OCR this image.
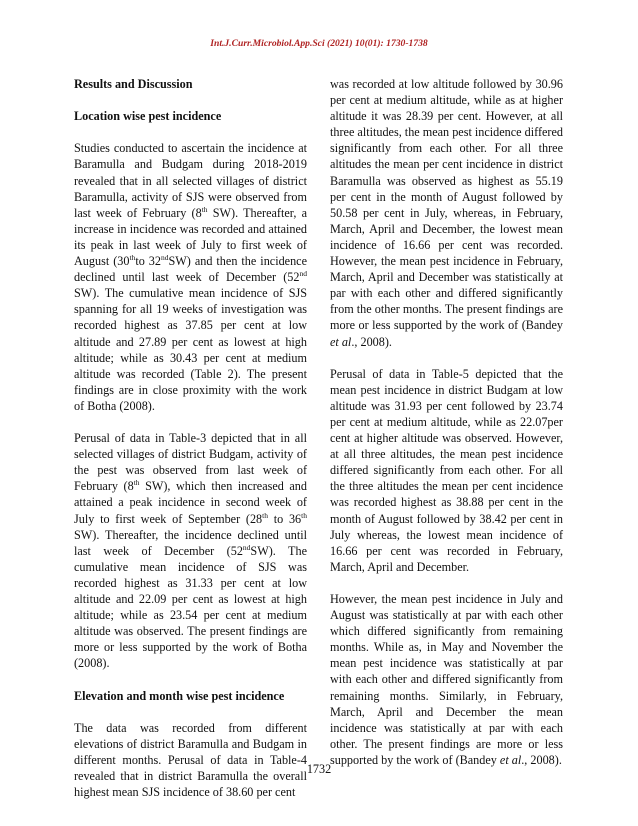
Int.J.Curr.Microbiol.App.Sci (2021) 10(01): 1730-1738
Results and Discussion
Location wise pest incidence

Studies conducted to ascertain the incidence at Baramulla and Budgam during 2018-2019 revealed that in all selected villages of district Baramulla, activity of SJS were observed from last week of February (8th SW). Thereafter, a increase in incidence was recorded and attained its peak in last week of July to first week of August (30thto 32ndSW) and then the incidence declined until last week of December (52nd SW). The cumulative mean incidence of SJS spanning for all 19 weeks of investigation was recorded highest as 37.85 per cent at low altitude and 27.89 per cent as lowest at high altitude; while as 30.43 per cent at medium altitude was recorded (Table 2). The present findings are in close proximity with the work of Botha (2008).

Perusal of data in Table-3 depicted that in all selected villages of district Budgam, activity of the pest was observed from last week of February (8th SW), which then increased and attained a peak incidence in second week of July to first week of September (28th to 36th SW). Thereafter, the incidence declined until last week of December (52ndSW). The cumulative mean incidence of SJS was recorded highest as 31.33 per cent at low altitude and 22.09 per cent as lowest at high altitude; while as 23.54 per cent at medium altitude was observed. The present findings are more or less supported by the work of Botha (2008).

Elevation and month wise pest incidence

The data was recorded from different elevations of district Baramulla and Budgam in different months. Perusal of data in Table-4 revealed that in district Baramulla the overall highest mean SJS incidence of 38.60 per cent

was recorded at low altitude followed by 30.96 per cent at medium altitude, while as at higher altitude it was 28.39 per cent. However, at all three altitudes, the mean pest incidence differed significantly from each other. For all three altitudes the mean per cent incidence in district Baramulla was observed as highest as 55.19 per cent in the month of August followed by 50.58 per cent in July, whereas, in February, March, April and December, the lowest mean incidence of 16.66 per cent was recorded. However, the mean pest incidence in February, March, April and December was statistically at par with each other and differed significantly from the other months. The present findings are more or less supported by the work of (Bandey et al., 2008).

Perusal of data in Table-5 depicted that the mean pest incidence in district Budgam at low altitude was 31.93 per cent followed by 23.74 per cent at medium altitude, while as 22.07per cent at higher altitude was observed. However, at all three altitudes, the mean pest incidence differed significantly from each other. For all the three altitudes the mean per cent incidence was recorded highest as 38.88 per cent in the month of August followed by 38.42 per cent in July whereas, the lowest mean incidence of 16.66 per cent was recorded in February, March, April and December.

However, the mean pest incidence in July and August was statistically at par with each other which differed significantly from remaining months. While as, in May and November the mean pest incidence was statistically at par with each other and differed significantly from remaining months. Similarly, in February, March, April and December the mean incidence was statistically at par with each other. The present findings are more or less supported by the work of (Bandey et al., 2008).

1732
